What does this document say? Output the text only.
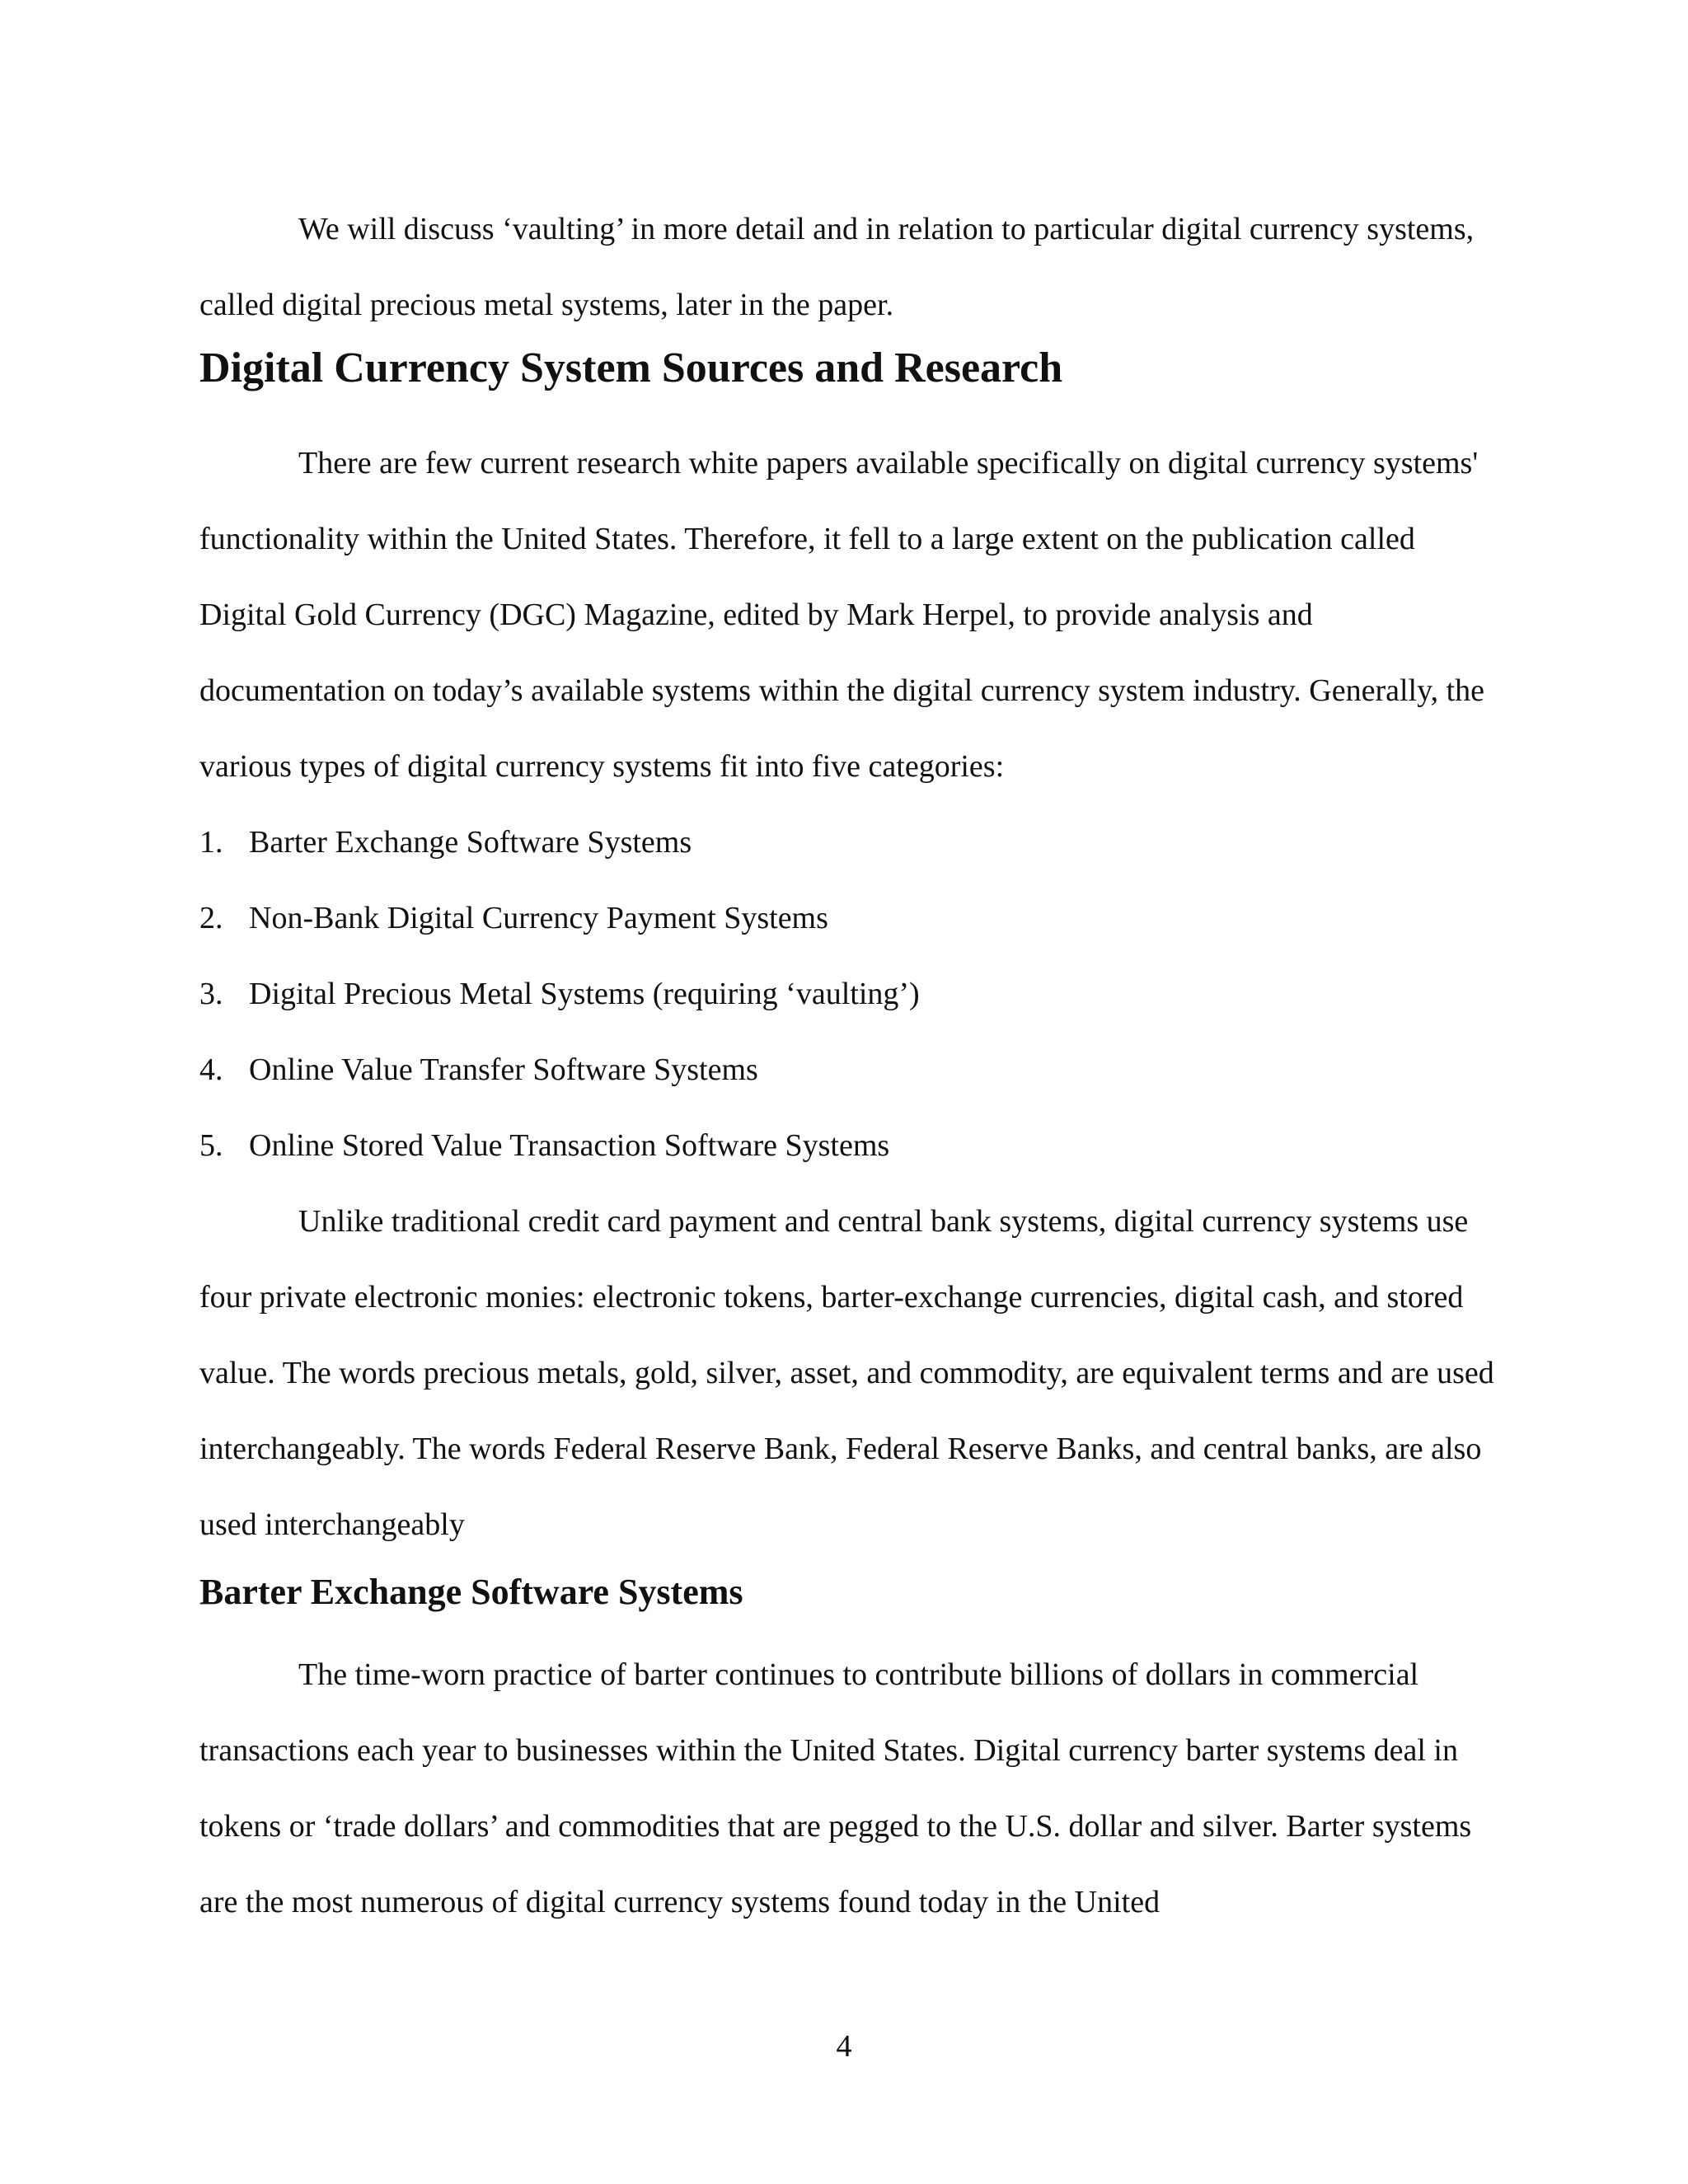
We will discuss ‘vaulting’ in more detail and in relation to particular digital currency systems, called digital precious metal systems, later in the paper.

Digital Currency System Sources and Research

There are few current research white papers available specifically on digital currency systems' functionality within the United States. Therefore, it fell to a large extent on the publication called Digital Gold Currency (DGC) Magazine, edited by Mark Herpel, to provide analysis and documentation on today’s available systems within the digital currency system industry. Generally, the various types of digital currency systems fit into five categories:

1. Barter Exchange Software Systems
2. Non-Bank Digital Currency Payment Systems
3. Digital Precious Metal Systems (requiring ‘vaulting’)
4. Online Value Transfer Software Systems
5. Online Stored Value Transaction Software Systems

Unlike traditional credit card payment and central bank systems, digital currency systems use four private electronic monies: electronic tokens, barter-exchange currencies, digital cash, and stored value. The words precious metals, gold, silver, asset, and commodity, are equivalent terms and are used interchangeably. The words Federal Reserve Bank, Federal Reserve Banks, and central banks, are also used interchangeably

Barter Exchange Software Systems

The time-worn practice of barter continues to contribute billions of dollars in commercial transactions each year to businesses within the United States. Digital currency barter systems deal in tokens or ‘trade dollars’ and commodities that are pegged to the U.S. dollar and silver. Barter systems are the most numerous of digital currency systems found today in the United

4
